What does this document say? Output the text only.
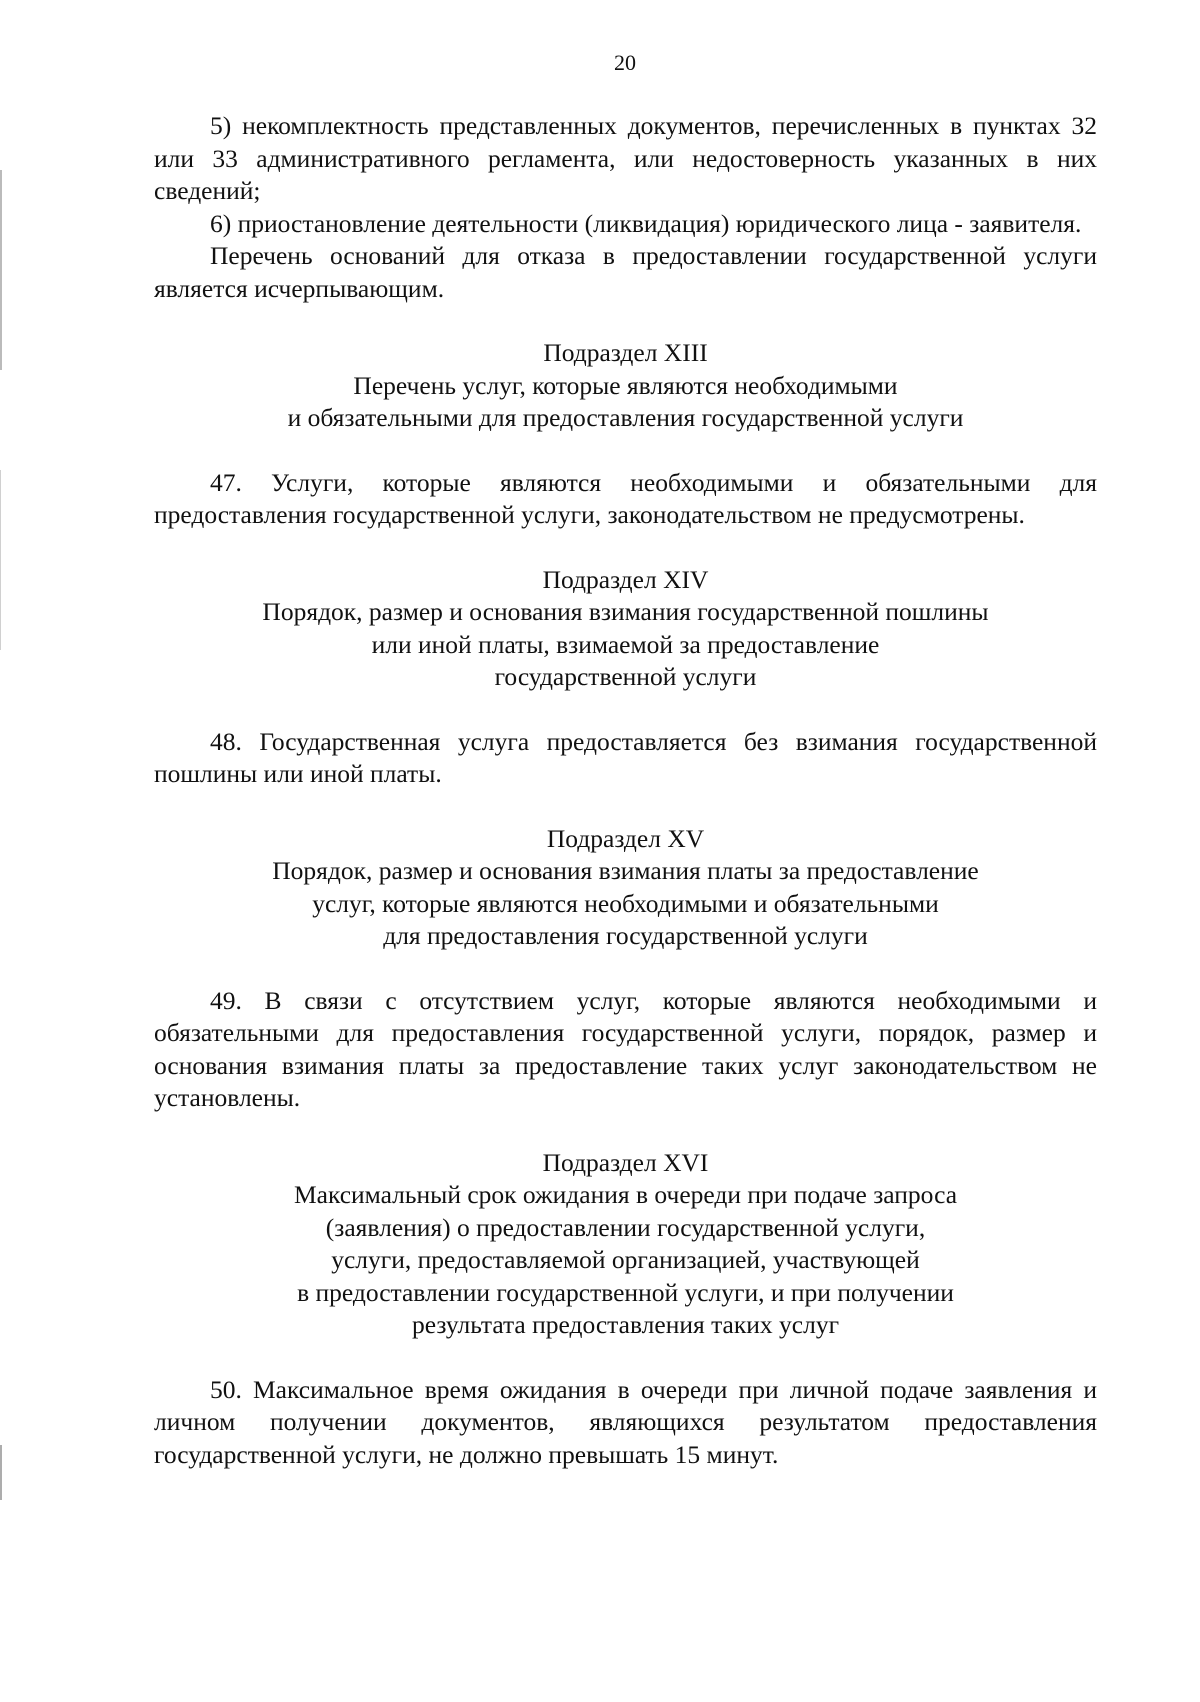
20

5) некомплектность представленных документов, перечисленных в пунктах 32 или 33 административного регламента, или недостоверность указанных в них сведений;

6) приостановление деятельности (ликвидация) юридического лица - заявителя.

Перечень оснований для отказа в предоставлении государственной услуги является исчерпывающим.

Подраздел XIII
Перечень услуг, которые являются необходимыми
и обязательными для предоставления государственной услуги

47. Услуги, которые являются необходимыми и обязательными для предоставления государственной услуги, законодательством не предусмотрены.

Подраздел XIV
Порядок, размер и основания взимания государственной пошлины
или иной платы, взимаемой за предоставление
государственной услуги

48. Государственная услуга предоставляется без взимания государственной пошлины или иной платы.

Подраздел XV
Порядок, размер и основания взимания платы за предоставление
услуг, которые являются необходимыми и обязательными
для предоставления государственной услуги

49. В связи с отсутствием услуг, которые являются необходимыми и обязательными для предоставления государственной услуги, порядок, размер и основания взимания платы за предоставление таких услуг законодательством не установлены.

Подраздел XVI
Максимальный срок ожидания в очереди при подаче запроса
(заявления) о предоставлении государственной услуги,
услуги, предоставляемой организацией, участвующей
в предоставлении государственной услуги, и при получении
результата предоставления таких услуг

50. Максимальное время ожидания в очереди при личной подаче заявления и личном получении документов, являющихся результатом предоставления государственной услуги, не должно превышать 15 минут.
